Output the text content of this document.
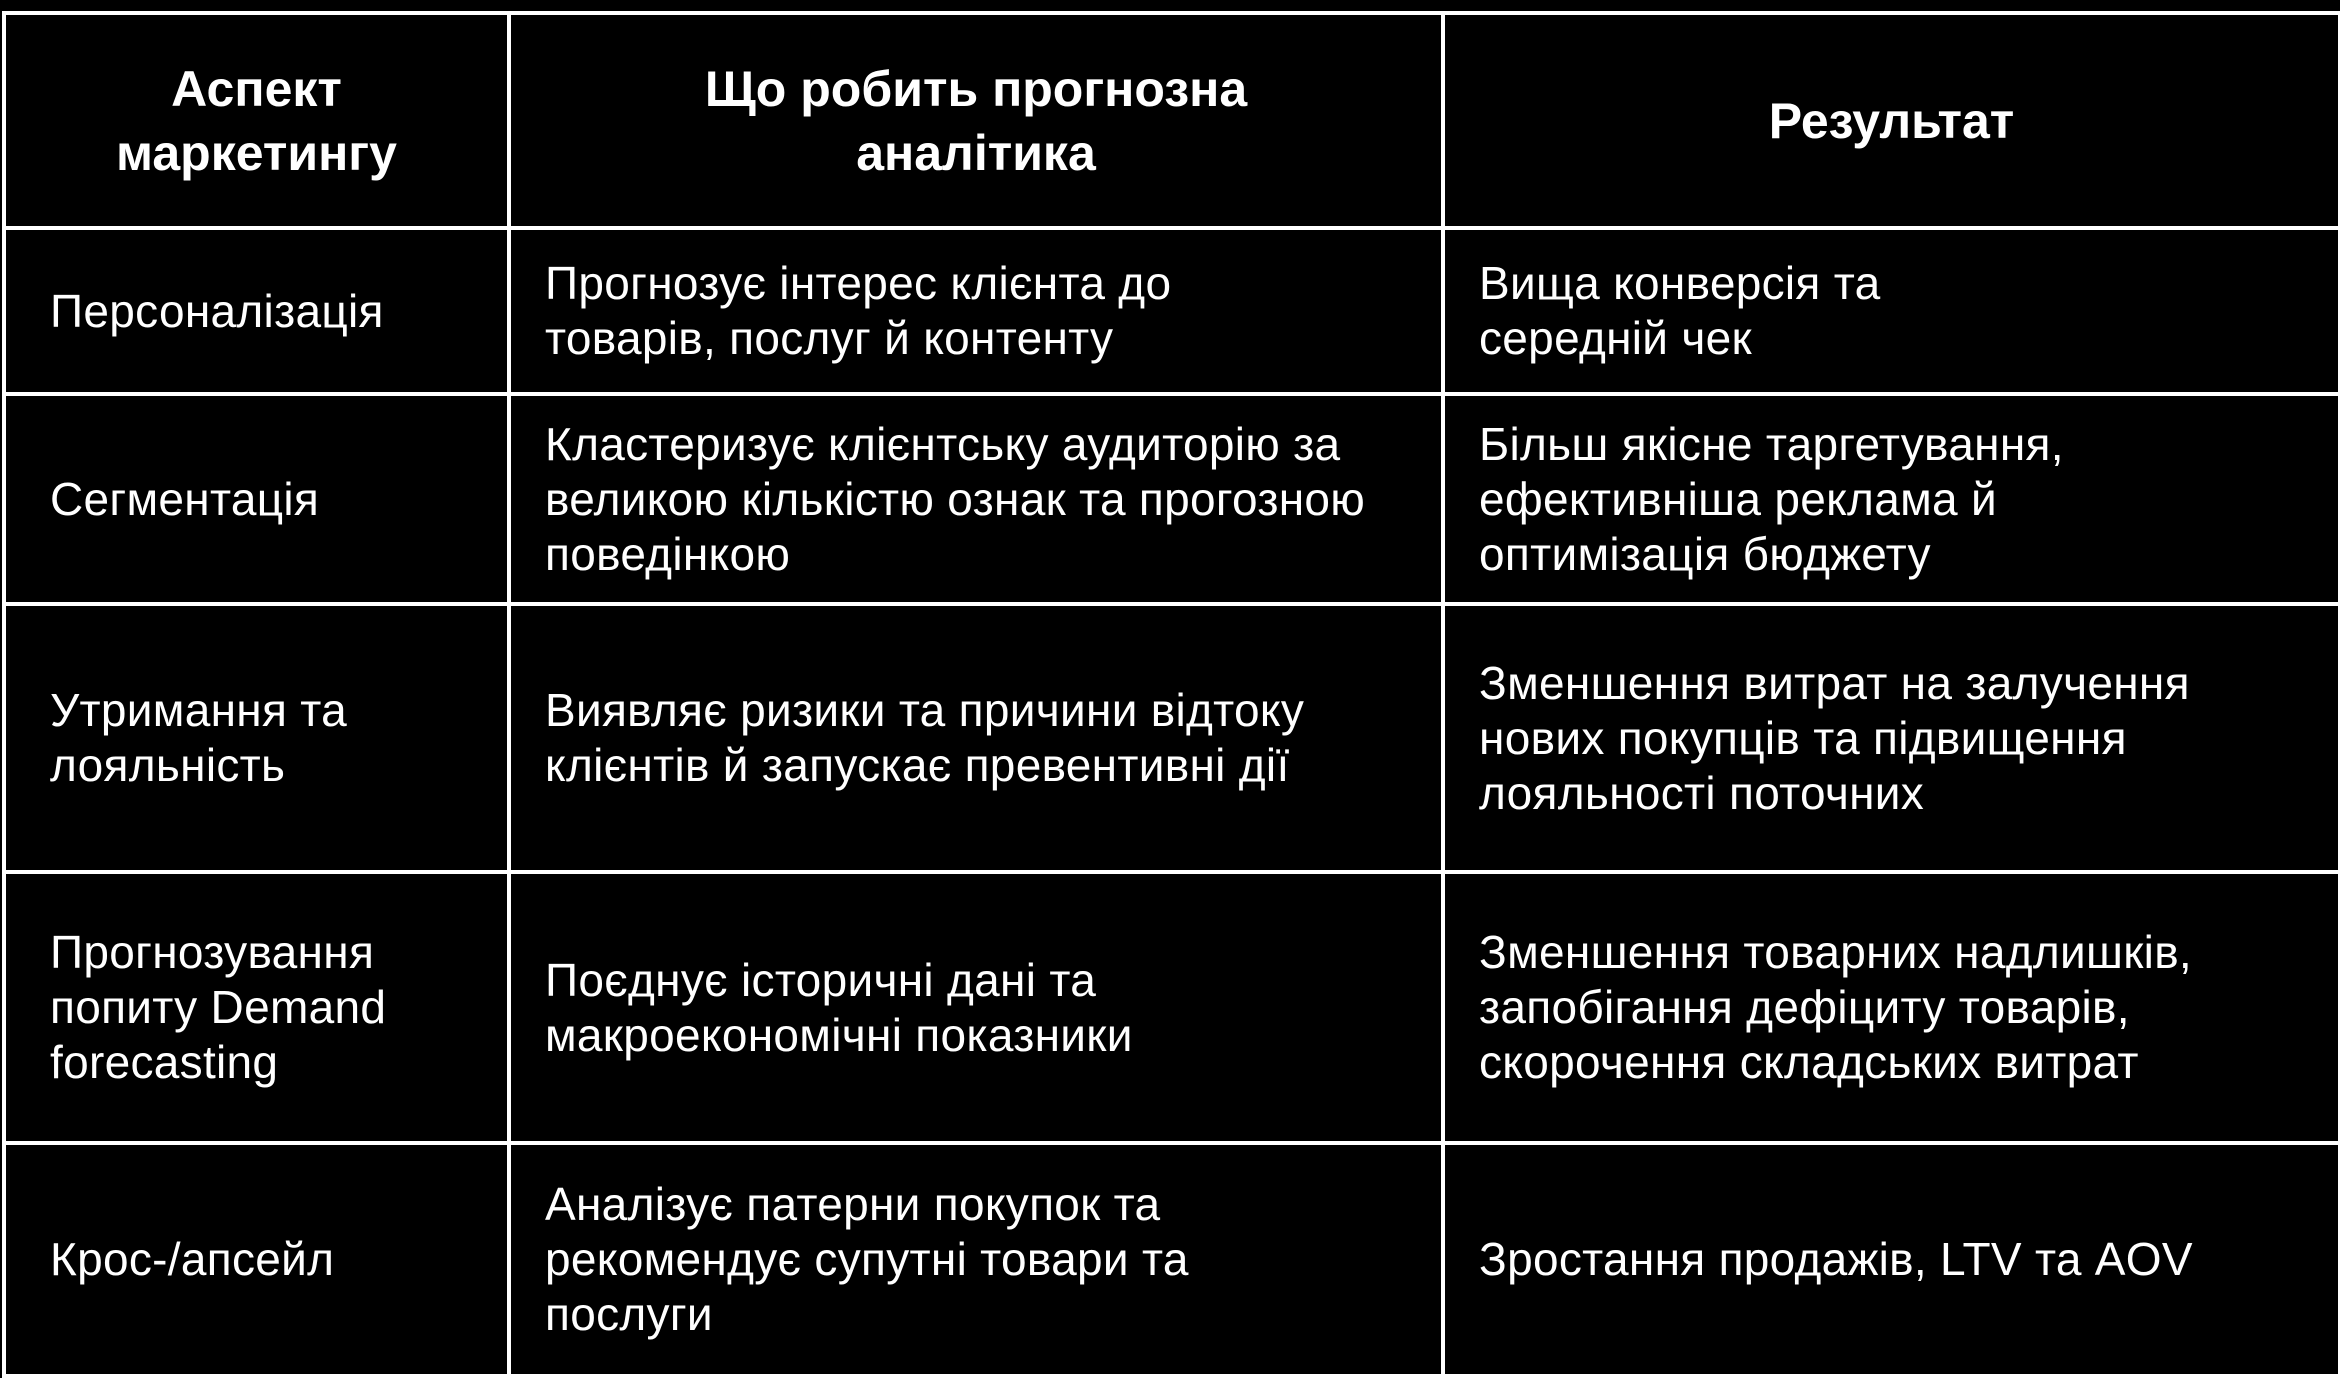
Аспект маркетингу	Що робить прогнозна аналітика	Результат

Персоналізація	Прогнозує інтерес клієнта до товарів, послуг й контенту	Вища конверсія та середній чек

Сегментація	Кластеризує клієнтську аудиторію за великою кількістю ознак та прогозною поведінкою	Більш якісне таргетування, ефективніша реклама й оптимізація бюджету

Утримання та лояльність	Виявляє ризики та причини відтоку клієнтів й запускає превентивні дії	Зменшення витрат на залучення нових покупців та підвищення лояльності поточних

Прогнозування попиту Demand forecasting	Поєднує історичні дані та макроекономічні показники	Зменшення товарних надлишків, запобігання дефіциту товарів, скорочення складських витрат

Крос-/апсейл	Аналізує патерни покупок та рекомендує супутні товари та послуги	Зростання продажів, LTV та AOV
